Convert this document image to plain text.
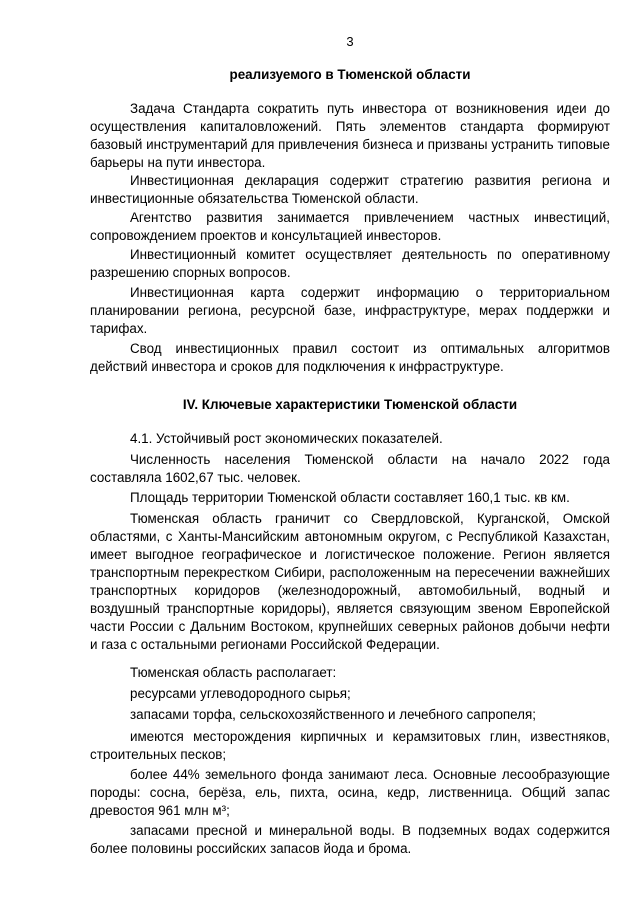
3
реализуемого в Тюменской области

Задача Стандарта сократить путь инвестора от возникновения идеи до осуществления капиталовложений. Пять элементов стандарта формируют базовый инструментарий для привлечения бизнеса и призваны устранить типовые барьеры на пути инвестора.

Инвестиционная декларация содержит стратегию развития региона и инвестиционные обязательства Тюменской области.

Агентство развития занимается привлечением частных инвестиций, сопровождением проектов и консультацией инвесторов.

Инвестиционный комитет осуществляет деятельность по оперативному разрешению спорных вопросов.

Инвестиционная карта содержит информацию о территориальном планировании региона, ресурсной базе, инфраструктуре, мерах поддержки и тарифах.

Свод инвестиционных правил состоит из оптимальных алгоритмов действий инвестора и сроков для подключения к инфраструктуре.

IV. Ключевые характеристики Тюменской области

4.1. Устойчивый рост экономических показателей.

Численность населения Тюменской области на начало 2022 года составляла 1602,67 тыс. человек.

Площадь территории Тюменской области составляет 160,1 тыс. кв км.

Тюменская область граничит со Свердловской, Курганской, Омской областями, с Ханты-Мансийским автономным округом, с Республикой Казахстан, имеет выгодное географическое и логистическое положение. Регион является транспортным перекрестком Сибири, расположенным на пересечении важнейших транспортных коридоров (железнодорожный, автомобильный, водный и воздушный транспортные коридоры), является связующим звеном Европейской части России с Дальним Востоком, крупнейших северных районов добычи нефти и газа с остальными регионами Российской Федерации.

Тюменская область располагает:

ресурсами углеводородного сырья;

запасами торфа, сельскохозяйственного и лечебного сапропеля;

имеются месторождения кирпичных и керамзитовых глин, известняков, строительных песков;

более 44% земельного фонда занимают леса. Основные лесообразующие породы: сосна, берёза, ель, пихта, осина, кедр, лиственница. Общий запас древостоя 961 млн м³;

запасами пресной и минеральной воды. В подземных водах содержится более половины российских запасов йода и брома.
